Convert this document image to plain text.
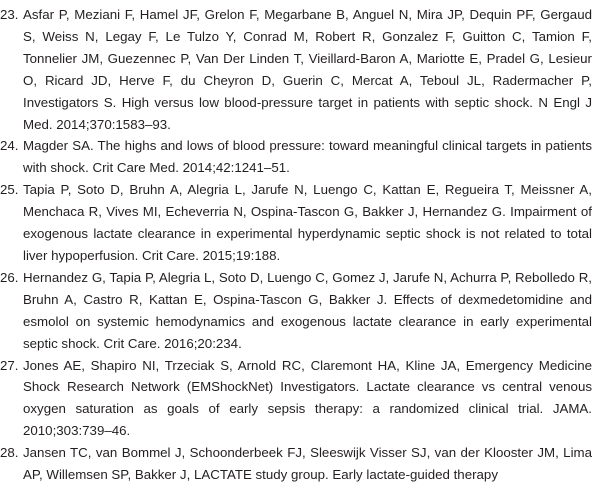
23. Asfar P, Meziani F, Hamel JF, Grelon F, Megarbane B, Anguel N, Mira JP, Dequin PF, Gergaud S, Weiss N, Legay F, Le Tulzo Y, Conrad M, Robert R, Gonzalez F, Guitton C, Tamion F, Tonnelier JM, Guezennec P, Van Der Linden T, Vieillard-Baron A, Mariotte E, Pradel G, Lesieur O, Ricard JD, Herve F, du Cheyron D, Guerin C, Mercat A, Teboul JL, Radermacher P, Investigators S. High versus low blood-pressure target in patients with septic shock. N Engl J Med. 2014;370:1583–93.
24. Magder SA. The highs and lows of blood pressure: toward meaningful clinical targets in patients with shock. Crit Care Med. 2014;42:1241–51.
25. Tapia P, Soto D, Bruhn A, Alegria L, Jarufe N, Luengo C, Kattan E, Regueira T, Meissner A, Menchaca R, Vives MI, Echeverria N, Ospina-Tascon G, Bakker J, Hernandez G. Impairment of exogenous lactate clearance in experimental hyperdynamic septic shock is not related to total liver hypoperfusion. Crit Care. 2015;19:188.
26. Hernandez G, Tapia P, Alegria L, Soto D, Luengo C, Gomez J, Jarufe N, Achurra P, Rebolledo R, Bruhn A, Castro R, Kattan E, Ospina-Tascon G, Bakker J. Effects of dexmedetomidine and esmolol on systemic hemodynamics and exogenous lactate clearance in early experimental septic shock. Crit Care. 2016;20:234.
27. Jones AE, Shapiro NI, Trzeciak S, Arnold RC, Claremont HA, Kline JA, Emergency Medicine Shock Research Network (EMShockNet) Investigators. Lactate clearance vs central venous oxygen saturation as goals of early sepsis therapy: a randomized clinical trial. JAMA. 2010;303:739–46.
28. Jansen TC, van Bommel J, Schoonderbeek FJ, Sleeswijk Visser SJ, van der Klooster JM, Lima AP, Willemsen SP, Bakker J, LACTATE study group. Early lactate-guided therapy
